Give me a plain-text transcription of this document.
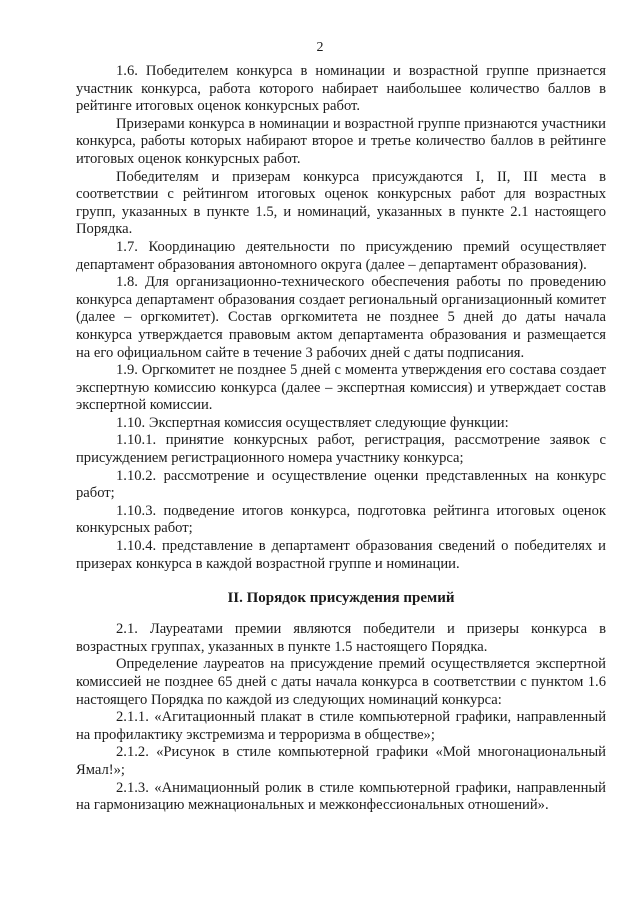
2

1.6. Победителем конкурса в номинации и возрастной группе признается участник конкурса, работа которого набирает наибольшее количество баллов в рейтинге итоговых оценок конкурсных работ.

Призерами конкурса в номинации и возрастной группе признаются участники конкурса, работы которых набирают второе и третье количество баллов в рейтинге итоговых оценок конкурсных работ.

Победителям и призерам конкурса присуждаются I, II, III места в соответствии с рейтингом итоговых оценок конкурсных работ для возрастных групп, указанных в пункте 1.5, и номинаций, указанных в пункте 2.1 настоящего Порядка.

1.7. Координацию деятельности по присуждению премий осуществляет департамент образования автономного округа (далее – департамент образования).

1.8. Для организационно-технического обеспечения работы по проведению конкурса департамент образования создает региональный организационный комитет (далее – оргкомитет). Состав оргкомитета не позднее 5 дней до даты начала конкурса утверждается правовым актом департамента образования и размещается на его официальном сайте в течение 3 рабочих дней с даты подписания.

1.9. Оргкомитет не позднее 5 дней с момента утверждения его состава создает экспертную комиссию конкурса (далее – экспертная комиссия) и утверждает состав экспертной комиссии.

1.10. Экспертная комиссия осуществляет следующие функции:

1.10.1. принятие конкурсных работ, регистрация, рассмотрение заявок с присуждением регистрационного номера участнику конкурса;

1.10.2. рассмотрение и осуществление оценки представленных на конкурс работ;

1.10.3. подведение итогов конкурса, подготовка рейтинга итоговых оценок конкурсных работ;

1.10.4. представление в департамент образования сведений о победителях и призерах конкурса в каждой возрастной группе и номинации.

II. Порядок присуждения премий

2.1. Лауреатами премии являются победители и призеры конкурса в возрастных группах, указанных в пункте 1.5 настоящего Порядка.

Определение лауреатов на присуждение премий осуществляется экспертной комиссией не позднее 65 дней с даты начала конкурса в соответствии с пунктом 1.6 настоящего Порядка по каждой из следующих номинаций конкурса:

2.1.1. «Агитационный плакат в стиле компьютерной графики, направленный на профилактику экстремизма и терроризма в обществе»;

2.1.2. «Рисунок в стиле компьютерной графики «Мой многонациональный Ямал!»;

2.1.3. «Анимационный ролик в стиле компьютерной графики, направленный на гармонизацию межнациональных и межконфессиональных отношений».
